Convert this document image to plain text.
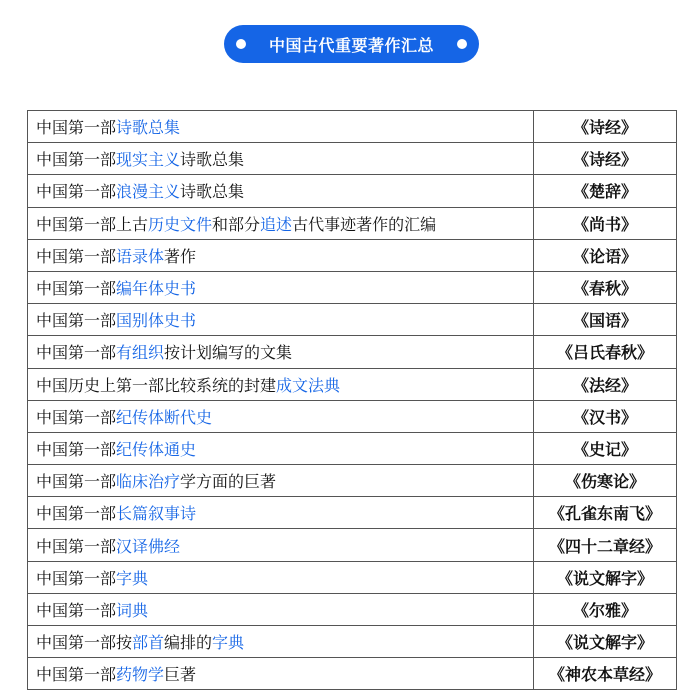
中国古代重要著作汇总
中国第一部诗歌总集	《诗经》
中国第一部现实主义诗歌总集	《诗经》
中国第一部浪漫主义诗歌总集	《楚辞》
中国第一部上古历史文件和部分追述古代事迹著作的汇编	《尚书》
中国第一部语录体著作	《论语》
中国第一部编年体史书	《春秋》
中国第一部国别体史书	《国语》
中国第一部有组织按计划编写的文集	《吕氏春秋》
中国历史上第一部比较系统的封建成文法典	《法经》
中国第一部纪传体断代史	《汉书》
中国第一部纪传体通史	《史记》
中国第一部临床治疗学方面的巨著	《伤寒论》
中国第一部长篇叙事诗	《孔雀东南飞》
中国第一部汉译佛经	《四十二章经》
中国第一部字典	《说文解字》
中国第一部词典	《尔雅》
中国第一部按部首编排的字典	《说文解字》
中国第一部药物学巨著	《神农本草经》
